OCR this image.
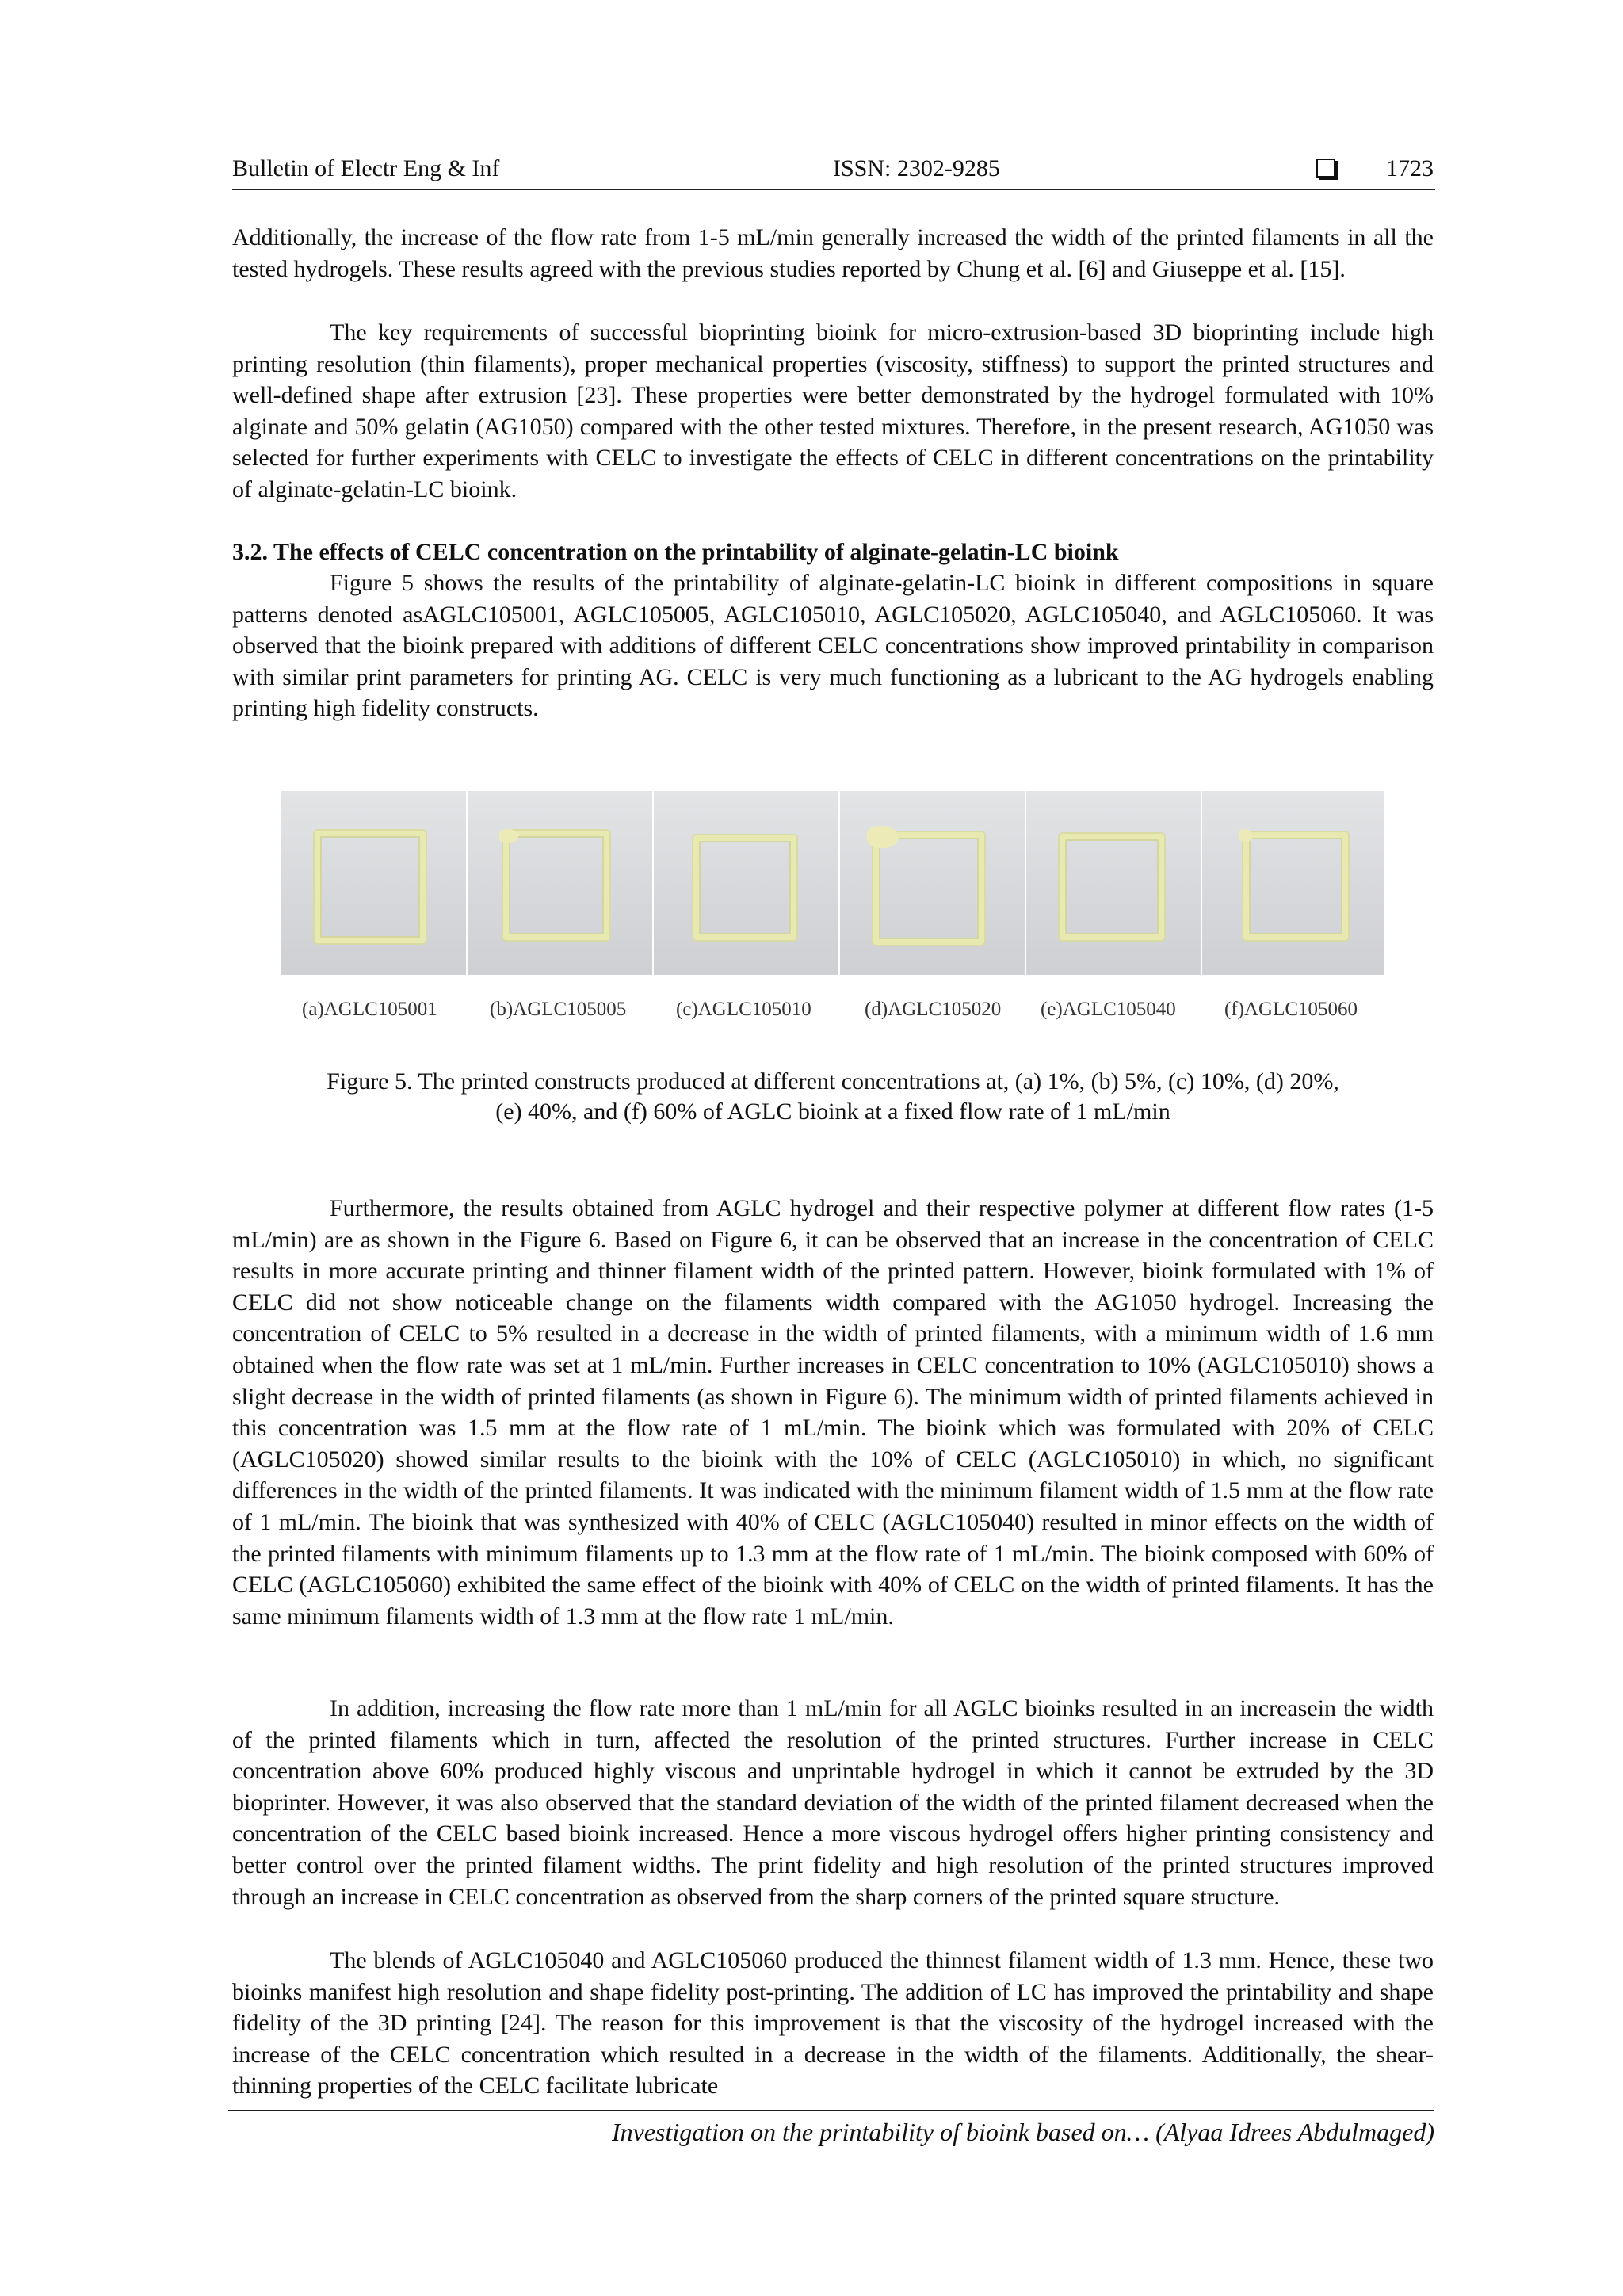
Bulletin of Electr Eng & Inf	ISSN: 2302-9285	1723

Additionally, the increase of the flow rate from 1-5 mL/min generally increased the width of the printed filaments in all the tested hydrogels. These results agreed with the previous studies reported by Chung et al. [6] and Giuseppe et al. [15].

The key requirements of successful bioprinting bioink for micro-extrusion-based 3D bioprinting include high printing resolution (thin filaments), proper mechanical properties (viscosity, stiffness) to support the printed structures and well-defined shape after extrusion [23]. These properties were better demonstrated by the hydrogel formulated with 10% alginate and 50% gelatin (AG1050) compared with the other tested mixtures. Therefore, in the present research, AG1050 was selected for further experiments with CELC to investigate the effects of CELC in different concentrations on the printability of alginate-gelatin-LC bioink.

3.2. The effects of CELC concentration on the printability of alginate-gelatin-LC bioink

Figure 5 shows the results of the printability of alginate-gelatin-LC bioink in different compositions in square patterns denoted asAGLC105001, AGLC105005, AGLC105010, AGLC105020, AGLC105040, and AGLC105060. It was observed that the bioink prepared with additions of different CELC concentrations show improved printability in comparison with similar print parameters for printing AG. CELC is very much functioning as a lubricant to the AG hydrogels enabling printing high fidelity constructs.

(a)AGLC105001	(b)AGLC105005	(c)AGLC105010	(d)AGLC105020 (e)AGLC105040 (f)AGLC105060
Figure 5. The printed constructs produced at different concentrations at, (a) 1%, (b) 5%, (c) 10%, (d) 20%,
(e) 40%, and (f) 60% of AGLC bioink at a fixed flow rate of 1 mL/min

Furthermore, the results obtained from AGLC hydrogel and their respective polymer at different flow rates (1-5 mL/min) are as shown in the Figure 6. Based on Figure 6, it can be observed that an increase in the concentration of CELC results in more accurate printing and thinner filament width of the printed pattern. However, bioink formulated with 1% of CELC did not show noticeable change on the filaments width compared with the AG1050 hydrogel. Increasing the concentration of CELC to 5% resulted in a decrease in the width of printed filaments, with a minimum width of 1.6 mm obtained when the flow rate was set at 1 mL/min. Further increases in CELC concentration to 10% (AGLC105010) shows a slight decrease in the width of printed filaments (as shown in Figure 6). The minimum width of printed filaments achieved in this concentration was 1.5 mm at the flow rate of 1 mL/min. The bioink which was formulated with 20% of CELC (AGLC105020) showed similar results to the bioink with the 10% of CELC (AGLC105010) in which, no significant differences in the width of the printed filaments. It was indicated with the minimum filament width of 1.5 mm at the flow rate of 1 mL/min. The bioink that was synthesized with 40% of CELC (AGLC105040) resulted in minor effects on the width of the printed filaments with minimum filaments up to 1.3 mm at the flow rate of 1 mL/min. The bioink composed with 60% of CELC (AGLC105060) exhibited the same effect of the bioink with 40% of CELC on the width of printed filaments. It has the same minimum filaments width of 1.3 mm at the flow rate 1 mL/min.

In addition, increasing the flow rate more than 1 mL/min for all AGLC bioinks resulted in an increasein the width of the printed filaments which in turn, affected the resolution of the printed structures. Further increase in CELC concentration above 60% produced highly viscous and unprintable hydrogel in which it cannot be extruded by the 3D bioprinter. However, it was also observed that the standard deviation of the width of the printed filament decreased when the concentration of the CELC based bioink increased. Hence a more viscous hydrogel offers higher printing consistency and better control over the printed filament widths. The print fidelity and high resolution of the printed structures improved through an increase in CELC concentration as observed from the sharp corners of the printed square structure.

The blends of AGLC105040 and AGLC105060 produced the thinnest filament width of 1.3 mm. Hence, these two bioinks manifest high resolution and shape fidelity post-printing. The addition of LC has improved the printability and shape fidelity of the 3D printing [24]. The reason for this improvement is that the viscosity of the hydrogel increased with the increase of the CELC concentration which resulted in a decrease in the width of the filaments. Additionally, the shear-thinning properties of the CELC facilitate lubricate

Investigation on the printability of bioink based on… (Alyaa Idrees Abdulmaged)
